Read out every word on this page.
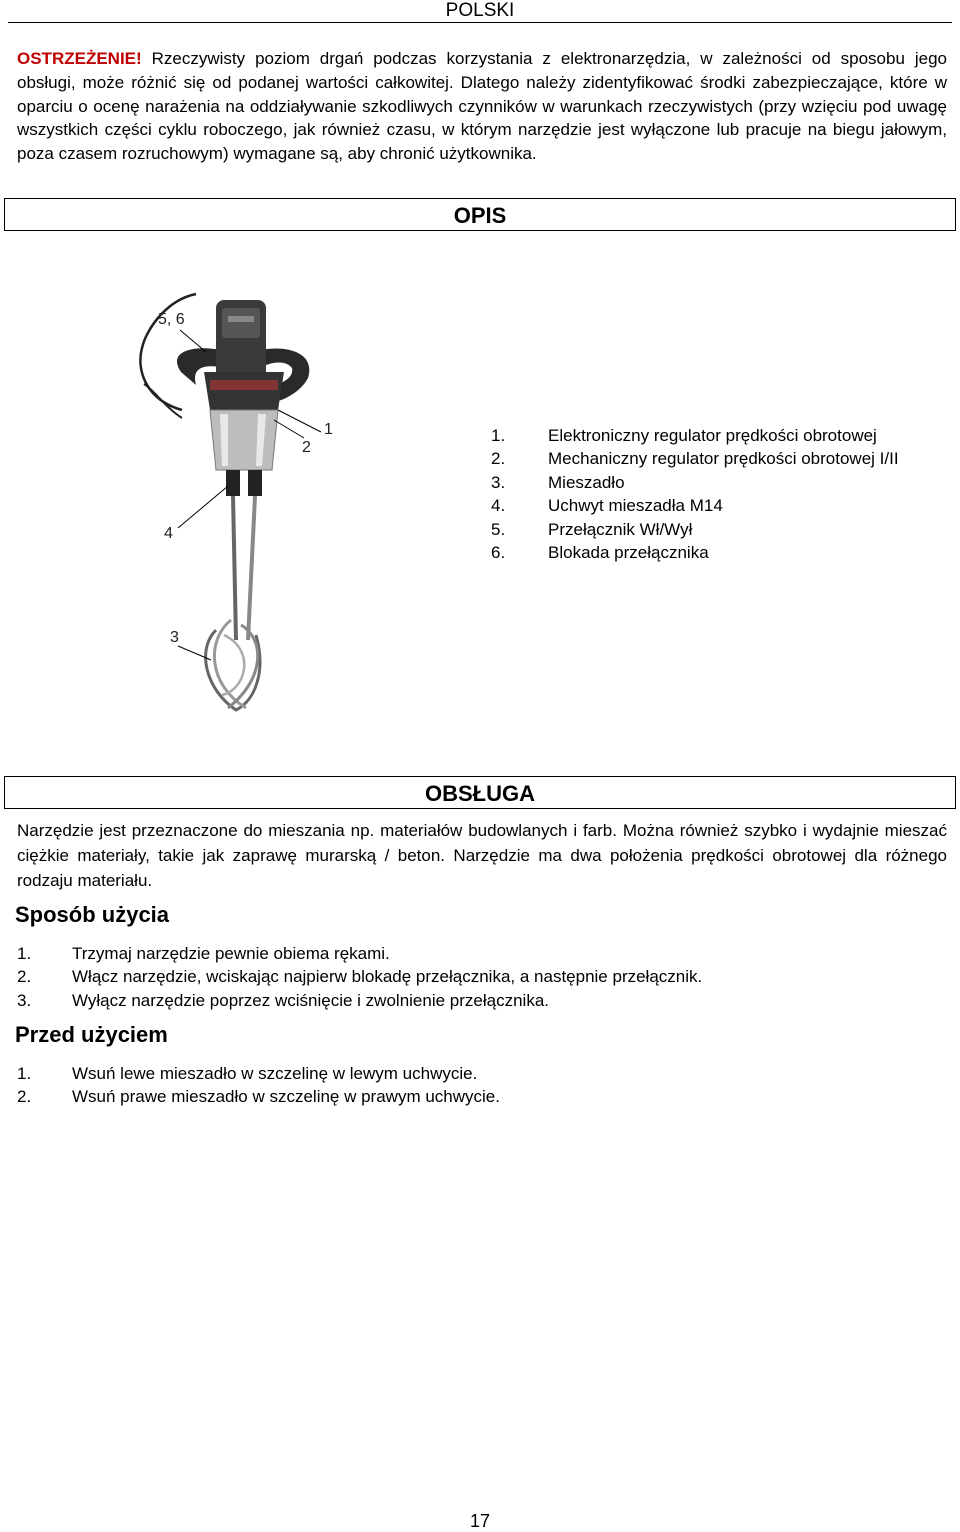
POLSKI

OSTRZEŻENIE! Rzeczywisty poziom drgań podczas korzystania z elektronarzędzia, w zależności od sposobu jego obsługi, może różnić się od podanej wartości całkowitej. Dlatego należy zidentyfikować środki zabezpieczające, które w oparciu o ocenę narażenia na oddziaływanie szkodliwych czynników w warunkach rzeczywistych (przy wzięciu pod uwagę wszystkich części cyklu roboczego, jak również czasu, w którym narzędzie jest wyłączone lub pracuje na biegu jałowym, poza czasem rozruchowym) wymagane są, aby chronić użytkownika.

OPIS
5, 6
1
2
4
3
1.	Elektroniczny regulator prędkości obrotowej
2.	Mechaniczny regulator prędkości obrotowej I/II
3.	Mieszadło
4.	Uchwyt mieszadła M14
5.	Przełącznik Wł/Wył
6.	Blokada przełącznika
OBSŁUGA

Narzędzie jest przeznaczone do mieszania np. materiałów budowlanych i farb. Można również szybko i wydajnie mieszać ciężkie materiały, takie jak zaprawę murarską / beton. Narzędzie ma dwa położenia prędkości obrotowej dla różnego rodzaju materiału.

Sposób użycia
1.	Trzymaj narzędzie pewnie obiema rękami.
2.	Włącz narzędzie, wciskając najpierw blokadę przełącznika, a następnie przełącznik.
3.	Wyłącz narzędzie poprzez wciśnięcie i zwolnienie przełącznika.
Przed użyciem
1.	Wsuń lewe mieszadło w szczelinę w lewym uchwycie.
2.	Wsuń prawe mieszadło w szczelinę w prawym uchwycie.
17
